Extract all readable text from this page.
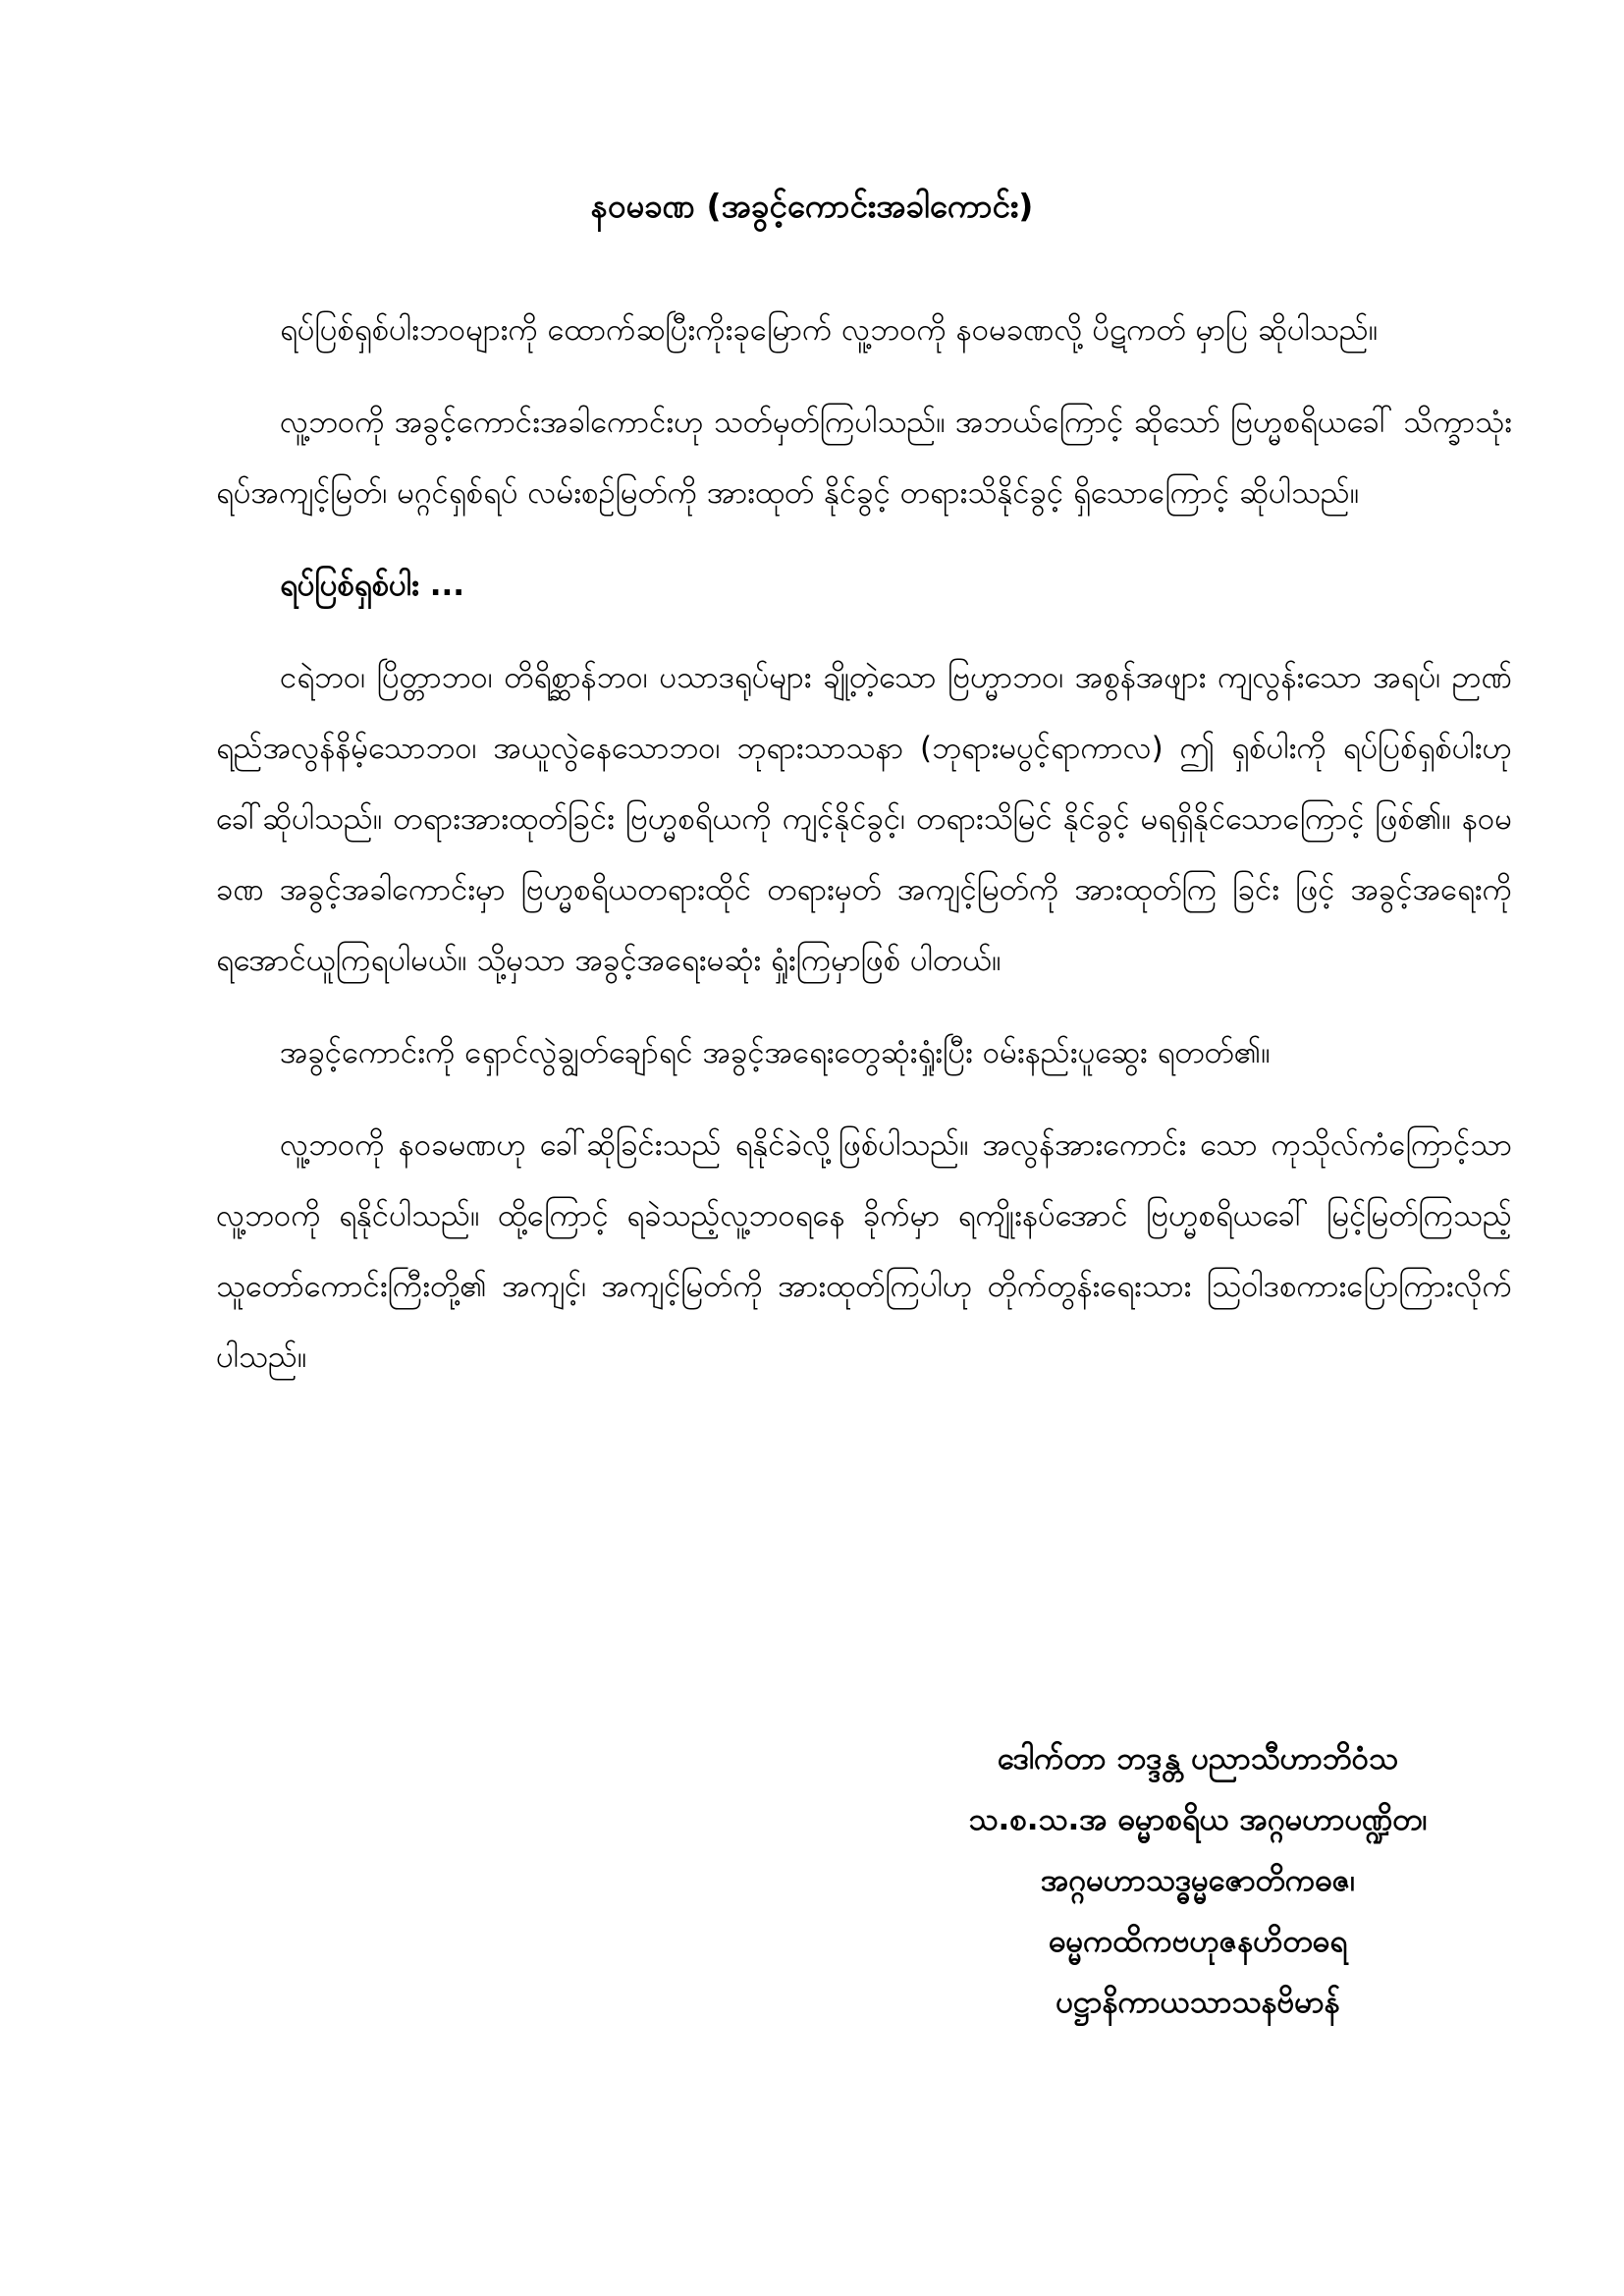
နဝမခဏ (အခွင့်ကောင်းအခါကောင်း)

ရပ်ပြစ်ရှစ်ပါးဘဝများကို ထောက်ဆပြီးကိုးခုမြောက် လူ့ဘဝကို နဝမခဏလို့ ပိဋကတ် မှာပြ ဆိုပါသည်။

လူ့ဘဝကို အခွင့်ကောင်းအခါကောင်းဟု သတ်မှတ်ကြပါသည်။ အဘယ်ကြောင့် ဆိုသော် ဗြဟ္မစရိယခေါ် သိက္ခာသုံးရပ်အကျင့်မြတ်၊ မဂ္ဂင်ရှစ်ရပ် လမ်းစဉ်မြတ်ကို အားထုတ် နိုင်ခွင့် တရားသိနိုင်ခွင့် ရှိသောကြောင့် ဆိုပါသည်။

ရပ်ပြစ်ရှစ်ပါး ...

ငရဲဘဝ၊ ပြိတ္တာဘဝ၊ တိရိစ္ဆာန်ဘဝ၊ ပသာဒရုပ်များ ချို့တဲ့သော ဗြဟ္မာဘဝ၊ အစွန်အဖျား ကျလွန်းသော အရပ်၊ ဉာဏ်ရည်အလွန်နိမ့်သောဘဝ၊ အယူလွဲနေသောဘဝ၊ ဘုရားသာသနာ (ဘုရားမပွင့်ရာကာလ) ဤ ရှစ်ပါးကို ရပ်ပြစ်ရှစ်ပါးဟုခေါ်ဆိုပါသည်။ တရားအားထုတ်ခြင်း ဗြဟ္မစရိယကို ကျင့်နိုင်ခွင့်၊ တရားသိမြင် နိုင်ခွင့် မရရှိနိုင်သောကြောင့် ဖြစ်၏။ နဝမခဏ အခွင့်အခါကောင်းမှာ ဗြဟ္မစရိယတရားထိုင် တရားမှတ် အကျင့်မြတ်ကို အားထုတ်ကြ ခြင်း ဖြင့် အခွင့်အရေးကို ရအောင်ယူကြရပါမယ်။ သို့မှသာ အခွင့်အရေးမဆုံး ရှုံးကြမှာဖြစ် ပါတယ်။

အခွင့်ကောင်းကို ရှောင်လွဲချွတ်ချော်ရင် အခွင့်အရေးတွေဆုံးရှုံးပြီး ဝမ်းနည်းပူဆွေး ရတတ်၏။

လူ့ဘဝကို နဝခမဏဟု ခေါ်ဆိုခြင်းသည် ရနိုင်ခဲလို့ဖြစ်ပါသည်။ အလွန်အားကောင်း သော ကုသိုလ်ကံကြောင့်သာ လူ့ဘဝကို ရနိုင်ပါသည်။ ထို့ကြောင့် ရခဲသည့်လူ့ဘဝရနေ ခိုက်မှာ ရကျိုးနပ်အောင် ဗြဟ္မစရိယခေါ် မြင့်မြတ်ကြသည့် သူတော်ကောင်းကြီးတို့၏ အကျင့်၊ အကျင့်မြတ်ကို အားထုတ်ကြပါဟု တိုက်တွန်းရေးသား ဩဝါဒစကားပြောကြားလိုက်ပါသည်။

ဒေါက်တာ ဘဒ္ဒန္တ ပညာသီဟာဘိဝံသ

သ.စ.သ.အ ဓမ္မာစရိယ အဂ္ဂမဟာပဏ္ဍိတ၊

အဂ္ဂမဟာသဒ္ဓမ္မဇောတိကဓဇ၊

ဓမ္မကထိကဗဟုဇနဟိတဓရ

ပဋ္ဌာနိကာယသာသနဗိမာန်
